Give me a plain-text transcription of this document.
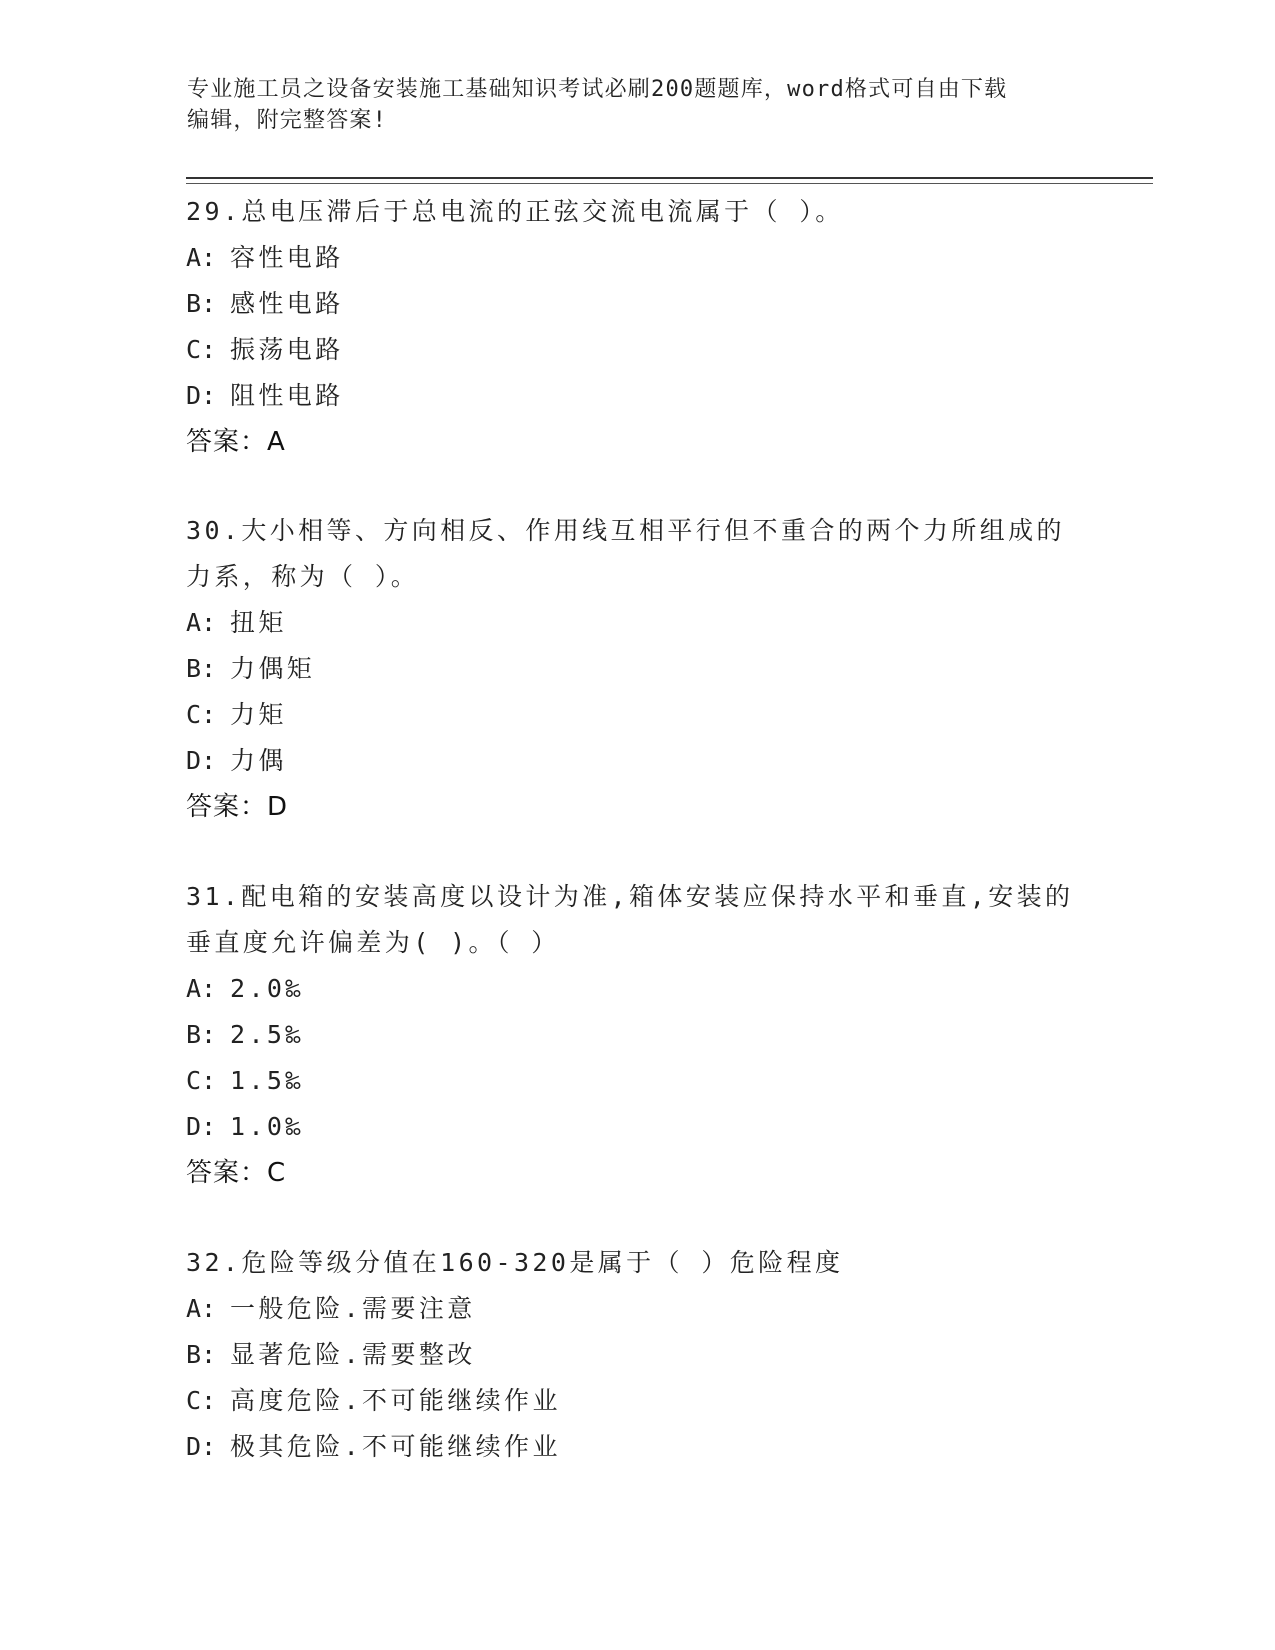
专业施工员之设备安装施工基础知识考试必刷200题题库，word格式可自由下载
编辑，附完整答案!
29.总电压滞后于总电流的正弦交流电流属于（ ）。
A: 容性电路
B: 感性电路
C: 振荡电路
D: 阻性电路
答案：A
30.大小相等、方向相反、作用线互相平行但不重合的两个力所组成的
力系，称为（ ）。
A: 扭矩
B: 力偶矩
C: 力矩
D: 力偶
答案：D
31.配电箱的安装高度以设计为准,箱体安装应保持水平和垂直,安装的
垂直度允许偏差为( )。（ ）
A: 2.0‰
B: 2.5‰
C: 1.5‰
D: 1.0‰
答案：C
32.危险等级分值在160-320是属于（ ）危险程度
A: 一般危险.需要注意
B: 显著危险.需要整改
C: 高度危险.不可能继续作业
D: 极其危险.不可能继续作业
